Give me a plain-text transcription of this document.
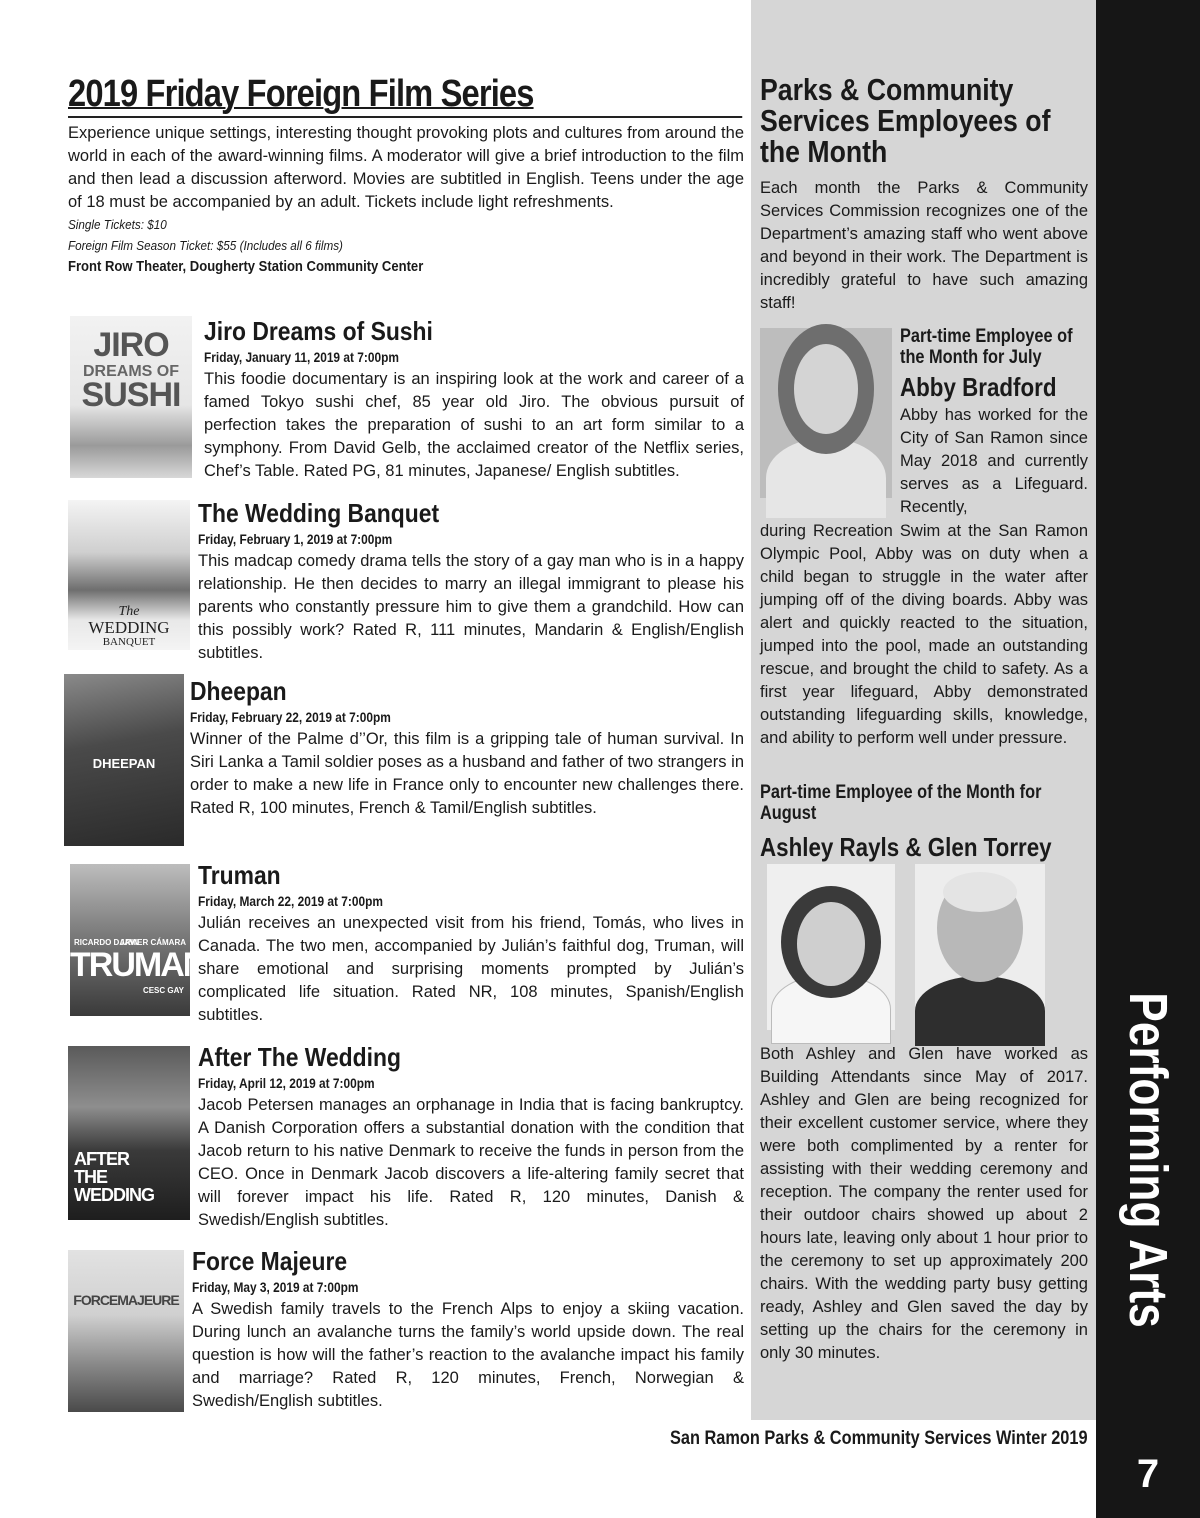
2019 Friday Foreign Film Series

Experience unique settings, interesting thought provoking plots and cultures from around the world in each of the award-winning films. A moderator will give a brief introduction to the film and then lead a discussion afterword. Movies are subtitled in English. Teens under the age of 18 must be accompanied by an adult. Tickets include light refreshments.

Single Tickets: $10
Foreign Film Season Ticket: $55 (Includes all 6 films)
Front Row Theater, Dougherty Station Community Center
JIRO
DREAMS OF
SUSHI
Jiro Dreams of Sushi
Friday, January 11, 2019 at 7:00pm

This foodie documentary is an inspiring look at the work and career of a famed Tokyo sushi chef, 85 year old Jiro. The obvious pursuit of perfection takes the preparation of sushi to an art form similar to a symphony. From David Gelb, the acclaimed creator of the Netflix series, Chef’s Table. Rated PG, 81 minutes, Japanese/ English subtitles.

The
WEDDING
BANQUET
The Wedding Banquet
Friday, February 1, 2019 at 7:00pm

This madcap comedy drama tells the story of a gay man who is in a happy relationship. He then decides to marry an illegal immigrant to please his parents who constantly pressure him to give them a grandchild. How can this possibly work? Rated R, 111 minutes, Mandarin & English/English subtitles.

DHEEPAN
Dheepan
Friday, February 22, 2019 at 7:00pm

Winner of the Palme d’’Or, this film is a gripping tale of human survival. In Siri Lanka a Tamil soldier poses as a husband and father of two strangers in order to make a new life in France only to encounter new challenges there. Rated R, 100 minutes, French & Tamil/English subtitles.

RICARDO DARIN
JAVIER CÁMARA
TRUMAN
CESC GAY
Truman
Friday, March 22, 2019 at 7:00pm

Julián receives an unexpected visit from his friend, Tomás, who lives in Canada. The two men, accompanied by Julián’s faithful dog, Truman, will share emotional and surprising moments prompted by Julián’s complicated life situation. Rated NR, 108 minutes, Spanish/English subtitles.

AFTER
THE WEDDING
After The Wedding
Friday, April 12, 2019 at 7:00pm

Jacob Petersen manages an orphanage in India that is facing bankruptcy. A Danish Corporation offers a substantial donation with the condition that Jacob return to his native Denmark to receive the funds in person from the CEO. Once in Denmark Jacob discovers a life-altering family secret that will forever impact his life. Rated R, 120 minutes, Danish & Swedish/English subtitles.

FORCEMAJEURE
Force Majeure
Friday, May 3, 2019 at 7:00pm

A Swedish family travels to the French Alps to enjoy a skiing vacation. During lunch an avalanche turns the family’s world upside down. The real question is how will the father’s reaction to the avalanche impact his family and marriage? Rated R, 120 minutes, French, Norwegian & Swedish/English subtitles.

Parks & Community Services Employees of the Month

Each month the Parks & Community Services Commission recognizes one of the Department’s amazing staff who went above and beyond in their work. The Department is incredibly grateful to have such amazing staff!

Part-time Employee of the Month for July
Abby Bradford

Abby has worked for the City of San Ramon since May 2018 and currently serves as a Lifeguard. Recently,

during Recreation Swim at the San Ramon Olympic Pool, Abby was on duty when a child began to struggle in the water after jumping off of the diving boards. Abby was alert and quickly reacted to the situation, jumped into the pool, made an outstanding rescue, and brought the child to safety. As a first year lifeguard, Abby demonstrated outstanding lifeguarding skills, knowledge, and ability to perform well under pressure.

Part-time Employee of the Month for August
Ashley Rayls & Glen Torrey

Both Ashley and Glen have worked as Building Attendants since May of 2017. Ashley and Glen are being recognized for their excellent customer service, where they were both complimented by a renter for assisting with their wedding ceremony and reception. The company the renter used for their outdoor chairs showed up about 2 hours late, leaving only about 1 hour prior to the ceremony to set up approximately 200 chairs. With the wedding party busy getting ready, Ashley and Glen saved the day by setting up the chairs for the ceremony in only 30 minutes.

San Ramon Parks & Community Services Winter 2019
Performing Arts
7
